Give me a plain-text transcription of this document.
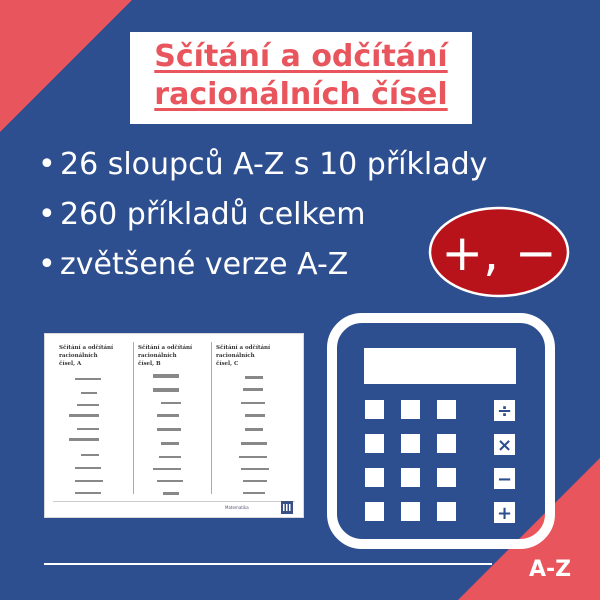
Sčítání a odčítání
racionálních čísel
• 26 sloupců A-Z s 10 příklady
• 260 příkladů celkem
• zvětšené verze A-Z	+, −
Sčítání a odčítání racionálních
čísel, A
Sčítání a odčítání racionálních
čísel, B
Sčítání a odčítání racionálních
čísel, C
Matematika
÷
×
−
+
A-Z
